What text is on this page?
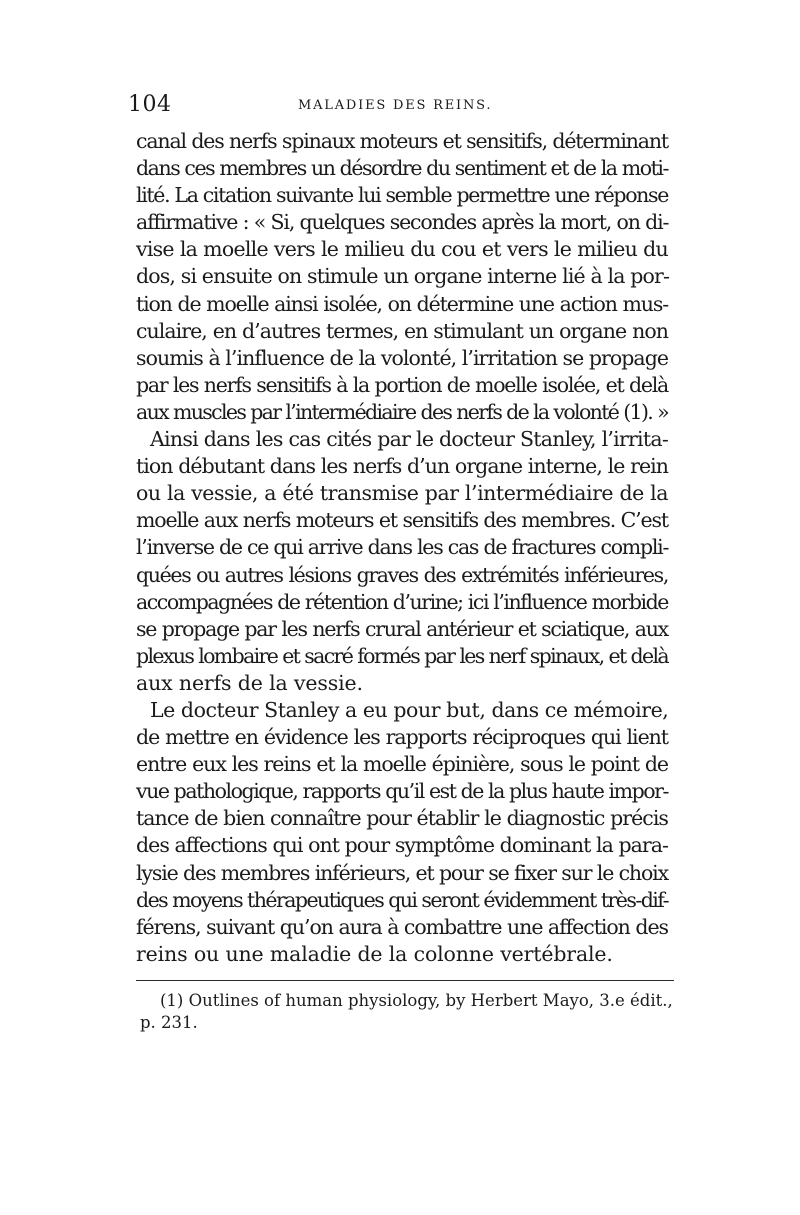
104	MALADIES DES REINS.
canal des nerfs spinaux moteurs et sensitifs, déterminant
dans ces membres un désordre du sentiment et de la moti-
lité. La citation suivante lui semble permettre une réponse
affirmative : « Si, quelques secondes après la mort, on di-
vise la moelle vers le milieu du cou et vers le milieu du
dos, si ensuite on stimule un organe interne lié à la por-
tion de moelle ainsi isolée, on détermine une action mus-
culaire, en d’autres termes, en stimulant un organe non
soumis à l’influence de la volonté, l’irritation se propage
par les nerfs sensitifs à la portion de moelle isolée, et delà
aux muscles par l’intermédiaire des nerfs de la volonté (1). »
Ainsi dans les cas cités par le docteur Stanley, l’irrita-
tion débutant dans les nerfs d’un organe interne, le rein
ou la vessie, a été transmise par l’intermédiaire de la
moelle aux nerfs moteurs et sensitifs des membres. C’est
l’inverse de ce qui arrive dans les cas de fractures compli-
quées ou autres lésions graves des extrémités inférieures,
accompagnées de rétention d’urine; ici l’influence morbide
se propage par les nerfs crural antérieur et sciatique, aux
plexus lombaire et sacré formés par les nerf spinaux, et delà
aux nerfs de la vessie.
Le docteur Stanley a eu pour but, dans ce mémoire,
de mettre en évidence les rapports réciproques qui lient
entre eux les reins et la moelle épinière, sous le point de
vue pathologique, rapports qu’il est de la plus haute impor-
tance de bien connaître pour établir le diagnostic précis
des affections qui ont pour symptôme dominant la para-
lysie des membres inférieurs, et pour se fixer sur le choix
des moyens thérapeutiques qui seront évidemment très-dif-
férens, suivant qu’on aura à combattre une affection des
reins ou une maladie de la colonne vertébrale.
(1) Outlines of human physiology, by Herbert Mayo, 3.e édit.,
p. 231.
